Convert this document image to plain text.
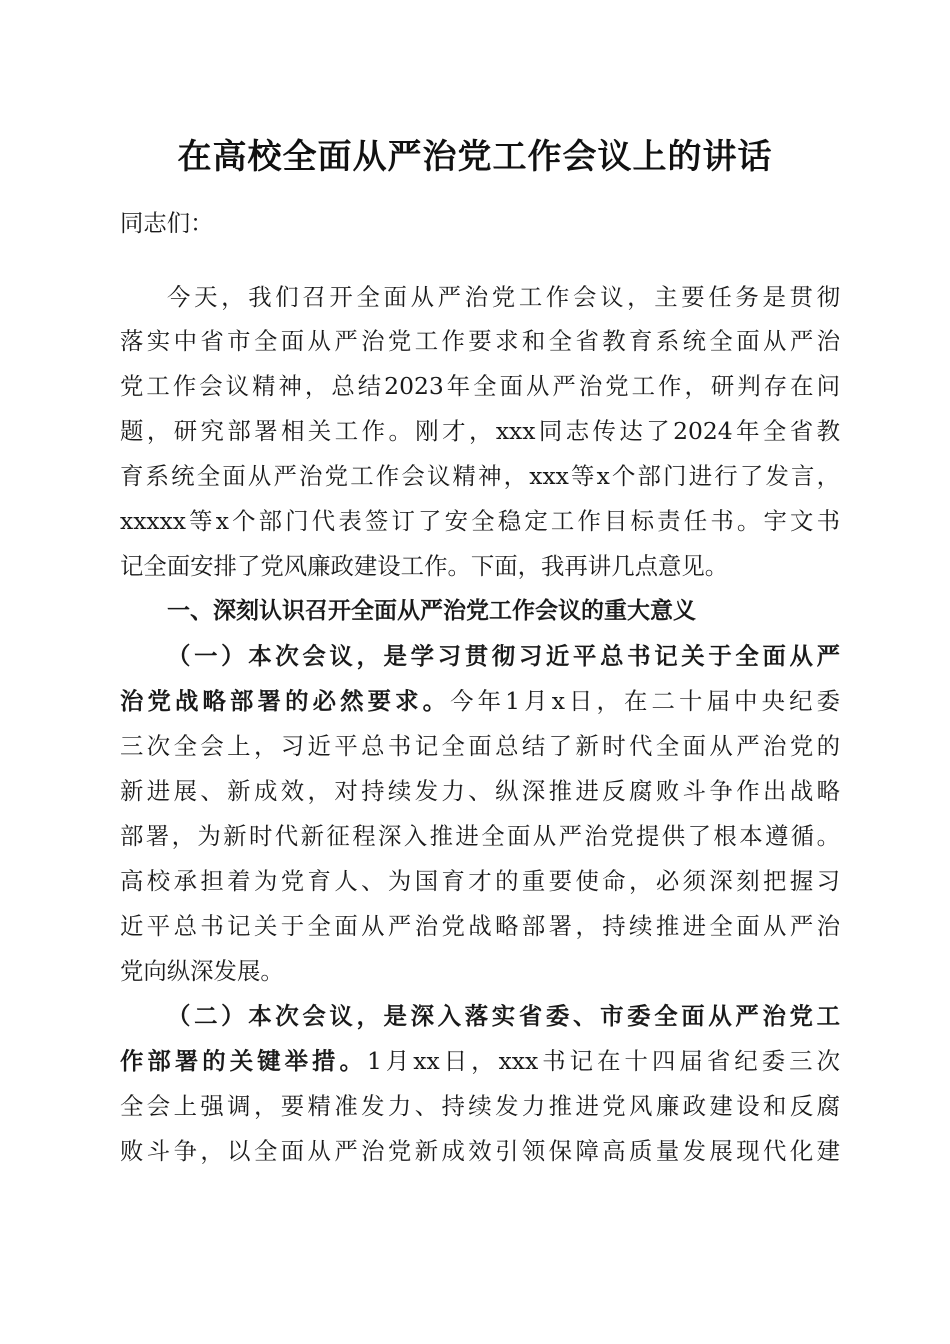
在高校全面从严治党工作会议上的讲话
同志们：
今天，我们召开全面从严治党工作会议，主要任务是贯彻
落实中省市全面从严治党工作要求和全省教育系统全面从严治
党工作会议精神，总结2023年全面从严治党工作，研判存在问
题，研究部署相关工作。刚才，xxx同志传达了2024年全省教
育系统全面从严治党工作会议精神，xxx等x个部门进行了发言，
xxxxx等x个部门代表签订了安全稳定工作目标责任书。宇文书
记全面安排了党风廉政建设工作。下面，我再讲几点意见。
一、深刻认识召开全面从严治党工作会议的重大意义
（一）本次会议，是学习贯彻习近平总书记关于全面从严
治党战略部署的必然要求。今年1月x日，在二十届中央纪委
三次全会上，习近平总书记全面总结了新时代全面从严治党的
新进展、新成效，对持续发力、纵深推进反腐败斗争作出战略
部署，为新时代新征程深入推进全面从严治党提供了根本遵循。
高校承担着为党育人、为国育才的重要使命，必须深刻把握习
近平总书记关于全面从严治党战略部署，持续推进全面从严治
党向纵深发展。
（二）本次会议，是深入落实省委、市委全面从严治党工
作部署的关键举措。1月xx日，xxx书记在十四届省纪委三次
全会上强调，要精准发力、持续发力推进党风廉政建设和反腐
败斗争，以全面从严治党新成效引领保障高质量发展现代化建
